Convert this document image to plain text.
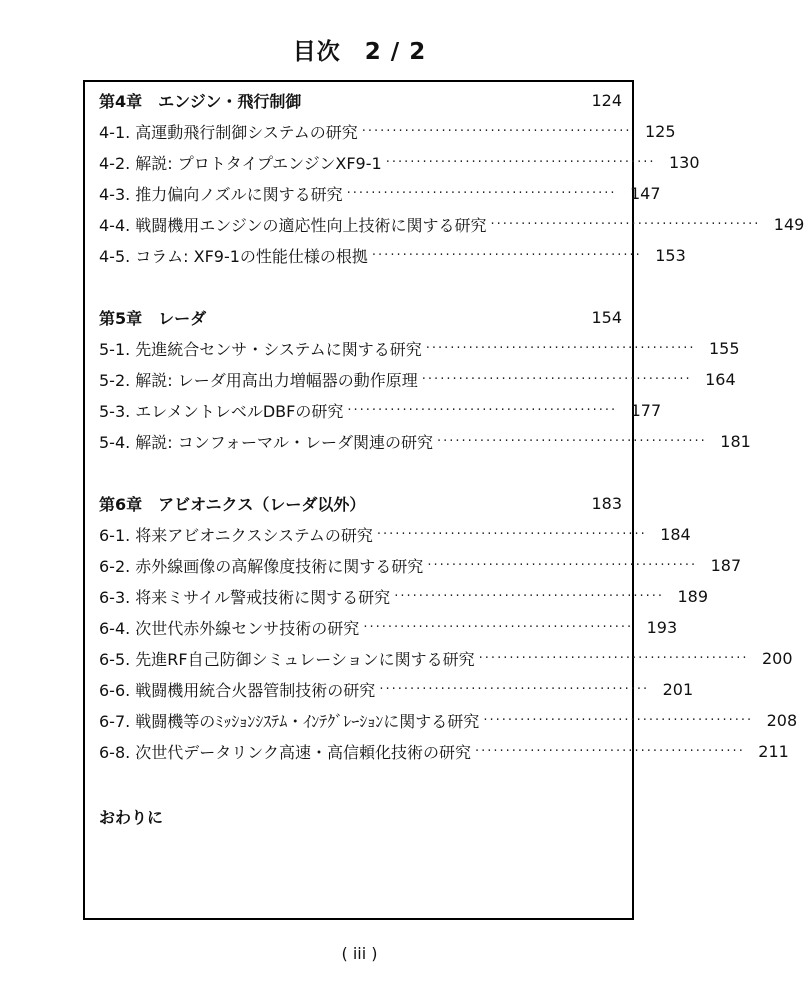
目次　2 / 2
第4章　エンジン・飛行制御	124
4-1. 高運動飛行制御システムの研究 ············································ 125
4-2. 解説: プロトタイプエンジンXF9-1 ············································ 130
4-3. 推力偏向ノズルに関する研究 ············································ 147
4-4. 戦闘機用エンジンの適応性向上技術に関する研究 ············································ 149
4-5. コラム: XF9-1の性能仕様の根拠 ············································ 153
第5章　レーダ	154
5-1. 先進統合センサ・システムに関する研究 ············································ 155
5-2. 解説: レーダ用高出力増幅器の動作原理 ············································ 164
5-3. エレメントレベルDBFの研究 ············································ 177
5-4. 解説: コンフォーマル・レーダ関連の研究 ············································ 181
第6章　アビオニクス（レーダ以外）	183
6-1. 将来アビオニクスシステムの研究 ············································ 184
6-2. 赤外線画像の高解像度技術に関する研究 ············································ 187
6-3. 将来ミサイル警戒技術に関する研究 ············································ 189
6-4. 次世代赤外線センサ技術の研究 ············································ 193
6-5. 先進RF自己防御シミュレーションに関する研究 ············································ 200
6-6. 戦闘機用統合火器管制技術の研究 ············································ 201
6-7. 戦闘機等のﾐｯｼｮﾝｼｽﾃﾑ・ｲﾝﾃｸﾞﾚｰｼｮﾝに関する研究 ············································ 208
6-8. 次世代データリンク高速・高信頼化技術の研究 ············································ 211
おわりに
( iii )
